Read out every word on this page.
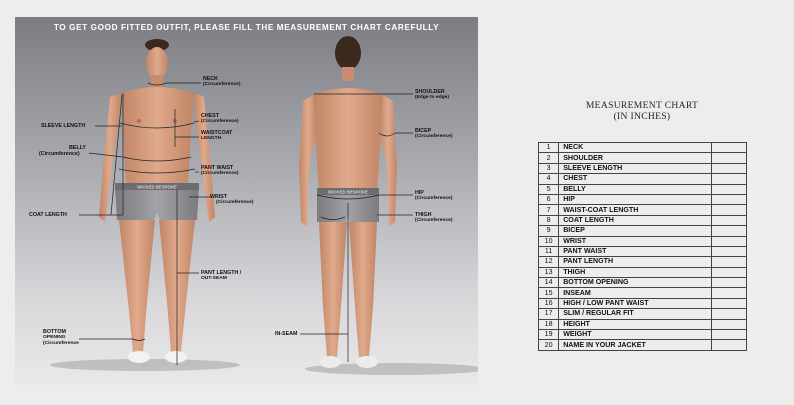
TO GET GOOD FITTED OUTFIT, PLEASE FILL THE MEASUREMENT CHART CAREFULLY
WICKED BESPOKE
WICKED BESPOKE
NECK
(Circumference)
SLEEVE LENGTH
CHEST
(Circumference)
WAISTCOAT
LENGTH
BELLY
(Circumference)
PANT WAIST
(Circumference)
WRIST
(Circumference)
COAT LENGTH
PANT LENGTH /
OUT-SEAM
BOTTOM
OPENING
(Circumference
SHOULDER
(Edge to edge)
BICEP
(Circumference)
HIP
(Circumference)
THIGH
(Circumference)
IN-SEAM
MEASUREMENT CHART
(IN INCHES)
1	NECK	
2	SHOULDER	
3	SLEEVE LENGTH	
4	CHEST	
5	BELLY	
6	HIP	
7	WAIST-COAT LENGTH	
8	COAT LENGTH	
9	BICEP	
10	WRIST	
11	PANT WAIST	
12	PANT LENGTH	
13	THIGH	
14	BOTTOM OPENING	
15	INSEAM	
16	HIGH / LOW PANT WAIST	
17	SLIM / REGULAR FIT	
18	HEIGHT	
19	WEIGHT	
20	NAME IN YOUR JACKET	
